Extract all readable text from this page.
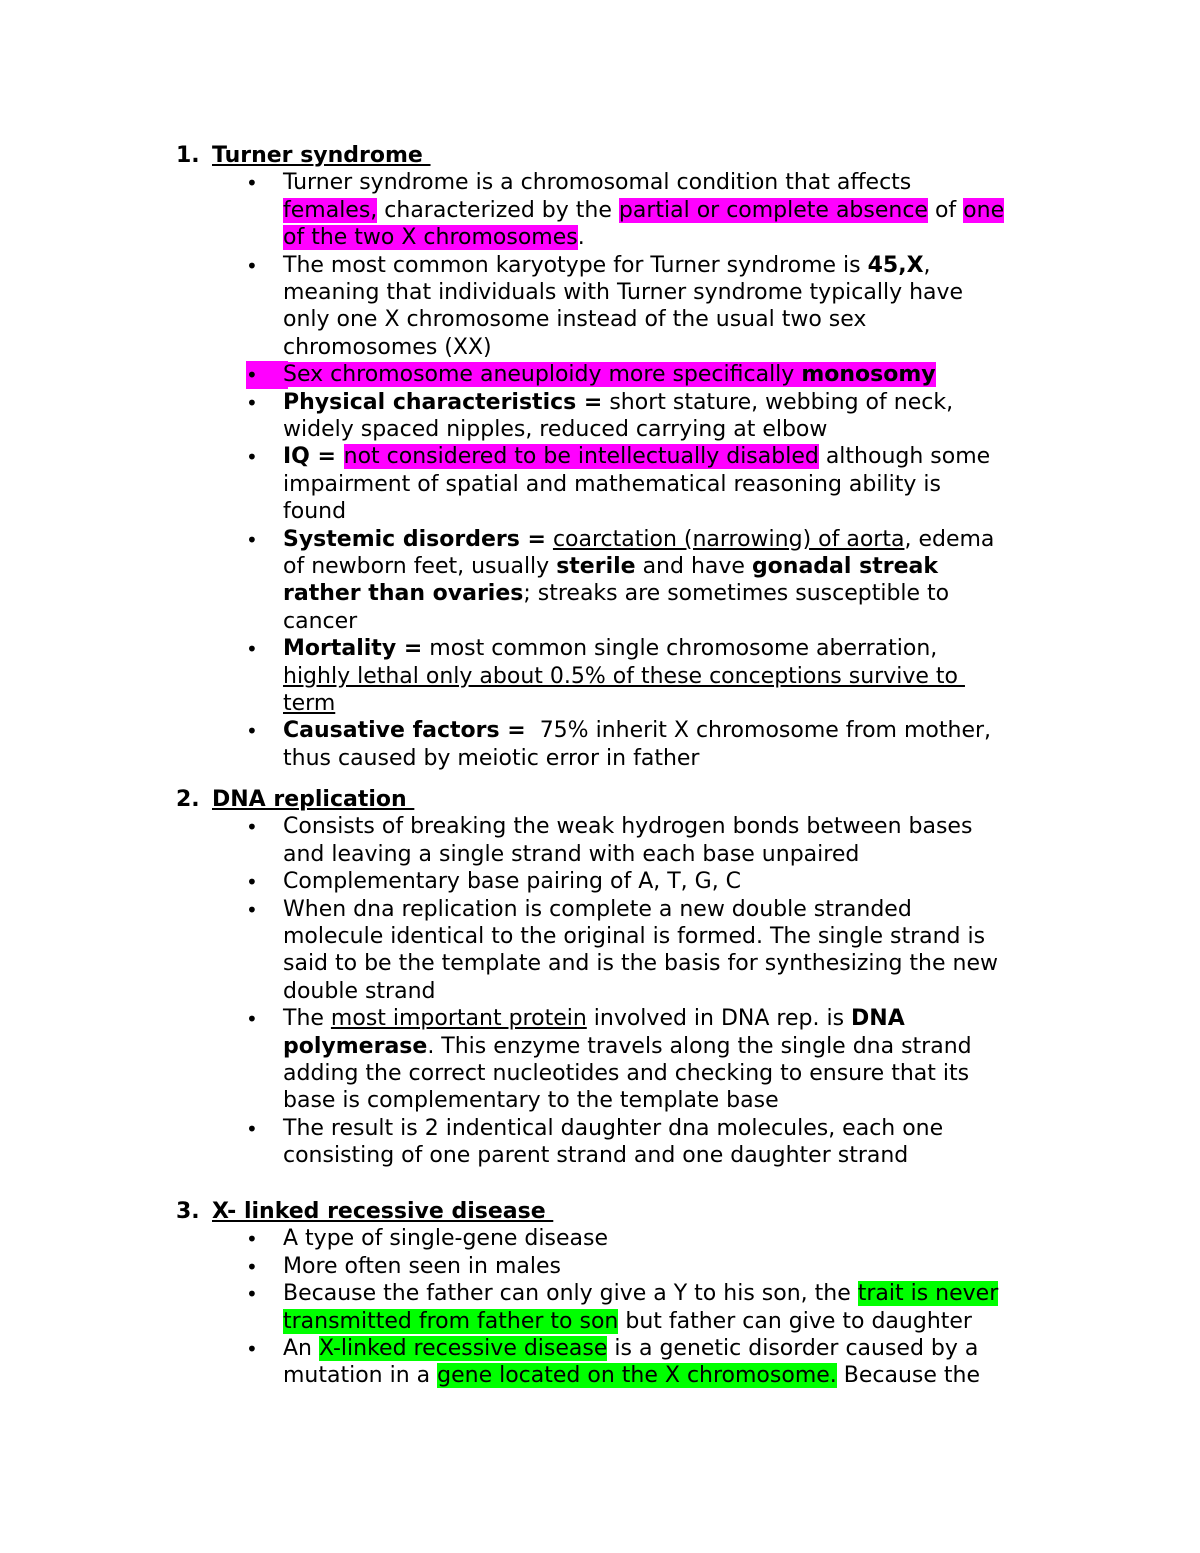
1. Turner syndrome
• Turner syndrome is a chromosomal condition that affects
females, characterized by the partial or complete absence of one
of the two X chromosomes.
• The most common karyotype for Turner syndrome is 45,X,
meaning that individuals with Turner syndrome typically have
only one X chromosome instead of the usual two sex
chromosomes (XX)
•	Sex chromosome aneuploidy more specifically monosomy
• Physical characteristics = short stature, webbing of neck,
widely spaced nipples, reduced carrying at elbow
• IQ = not considered to be intellectually disabled although some
impairment of spatial and mathematical reasoning ability is
found
• Systemic disorders = coarctation (narrowing) of aorta, edema
of newborn feet, usually sterile and have gonadal streak
rather than ovaries; streaks are sometimes susceptible to
cancer
• Mortality = most common single chromosome aberration,
highly lethal only about 0.5% of these conceptions survive to
term
• Causative factors =  75% inherit X chromosome from mother,
thus caused by meiotic error in father
2. DNA replication
• Consists of breaking the weak hydrogen bonds between bases
and leaving a single strand with each base unpaired
• Complementary base pairing of A, T, G, C
• When dna replication is complete a new double stranded
molecule identical to the original is formed. The single strand is
said to be the template and is the basis for synthesizing the new
double strand
• The most important protein involved in DNA rep. is DNA
polymerase. This enzyme travels along the single dna strand
adding the correct nucleotides and checking to ensure that its
base is complementary to the template base
• The result is 2 indentical daughter dna molecules, each one
consisting of one parent strand and one daughter strand
3. X- linked recessive disease
• A type of single-gene disease
• More often seen in males
• Because the father can only give a Y to his son, the trait is never
transmitted from father to son but father can give to daughter
• An X-linked recessive disease is a genetic disorder caused by a
mutation in a gene located on the X chromosome. Because the
